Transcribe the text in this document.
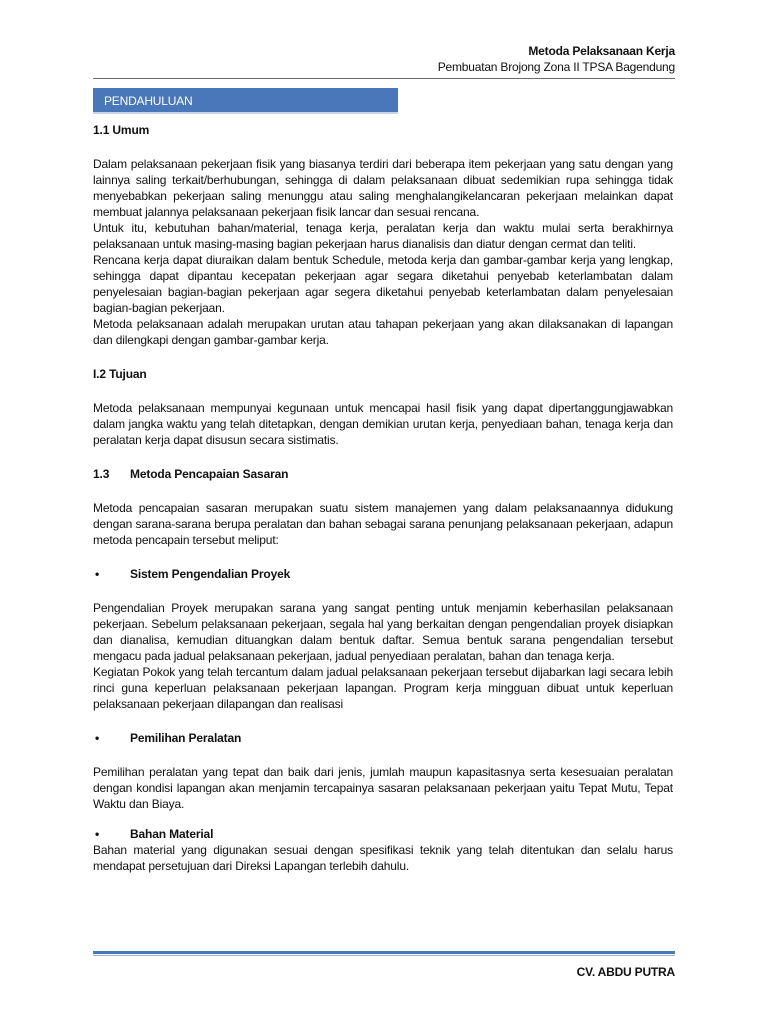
Metoda Pelaksanaan Kerja
Pembuatan Brojong Zona II TPSA Bagendung
PENDAHULUAN

1.1 Umum

Dalam pelaksanaan pekerjaan fisik yang biasanya terdiri dari beberapa item pekerjaan yang satu dengan yang lainnya saling terkait/berhubungan, sehingga di dalam pelaksanaan dibuat sedemikian rupa sehingga tidak menyebabkan pekerjaan saling menunggu atau saling menghalangikelancaran pekerjaan melainkan dapat membuat jalannya pelaksanaan pekerjaan fisik lancar dan sesuai rencana.

Untuk itu, kebutuhan bahan/material, tenaga kerja, peralatan kerja dan waktu mulai serta berakhirnya pelaksanaan untuk masing-masing bagian pekerjaan harus dianalisis dan diatur dengan cermat dan teliti.

Rencana kerja dapat diuraikan dalam bentuk Schedule, metoda kerja dan gambar-gambar kerja yang lengkap, sehingga dapat dipantau kecepatan pekerjaan agar segara diketahui penyebab keterlambatan dalam penyelesaian bagian-bagian pekerjaan agar segera diketahui penyebab keterlambatan dalam penyelesaian bagian-bagian pekerjaan.

Metoda pelaksanaan adalah merupakan urutan atau tahapan pekerjaan yang akan dilaksanakan di lapangan dan dilengkapi dengan gambar-gambar kerja.

I.2 Tujuan

Metoda pelaksanaan mempunyai kegunaan untuk mencapai hasil fisik yang dapat dipertanggungjawabkan dalam jangka waktu yang telah ditetapkan, dengan demikian urutan kerja, penyediaan bahan, tenaga kerja dan peralatan kerja dapat disusun secara sistimatis.

1.3 Metoda Pencapaian Sasaran

Metoda pencapaian sasaran merupakan suatu sistem manajemen yang dalam pelaksanaannya didukung dengan sarana-sarana berupa peralatan dan bahan sebagai sarana penunjang pelaksanaan pekerjaan, adapun metoda pencapain tersebut meliput:

•	Sistem Pengendalian Proyek

Pengendalian Proyek merupakan sarana yang sangat penting untuk menjamin keberhasilan pelaksanaan pekerjaan. Sebelum pelaksanaan pekerjaan, segala hal yang berkaitan dengan pengendalian proyek disiapkan dan dianalisa, kemudian dituangkan dalam bentuk daftar. Semua bentuk sarana pengendalian tersebut mengacu pada jadual pelaksanaan pekerjaan, jadual penyediaan peralatan, bahan dan tenaga kerja.

Kegiatan Pokok yang telah tercantum dalam jadual pelaksanaan pekerjaan tersebut dijabarkan lagi secara lebih rinci guna keperluan pelaksanaan pekerjaan lapangan. Program kerja mingguan dibuat untuk keperluan pelaksanaan pekerjaan dilapangan dan realisasi

•	Pemilihan Peralatan

Pemilihan peralatan yang tepat dan baik dari jenis, jumlah maupun kapasitasnya serta kesesuaian peralatan dengan kondisi lapangan akan menjamin tercapainya sasaran pelaksanaan pekerjaan yaitu Tepat Mutu, Tepat Waktu dan Biaya.

•	Bahan Material

Bahan material yang digunakan sesuai dengan spesifikasi teknik yang telah ditentukan dan selalu harus mendapat persetujuan dari Direksi Lapangan terlebih dahulu.

CV. ABDU PUTRA
